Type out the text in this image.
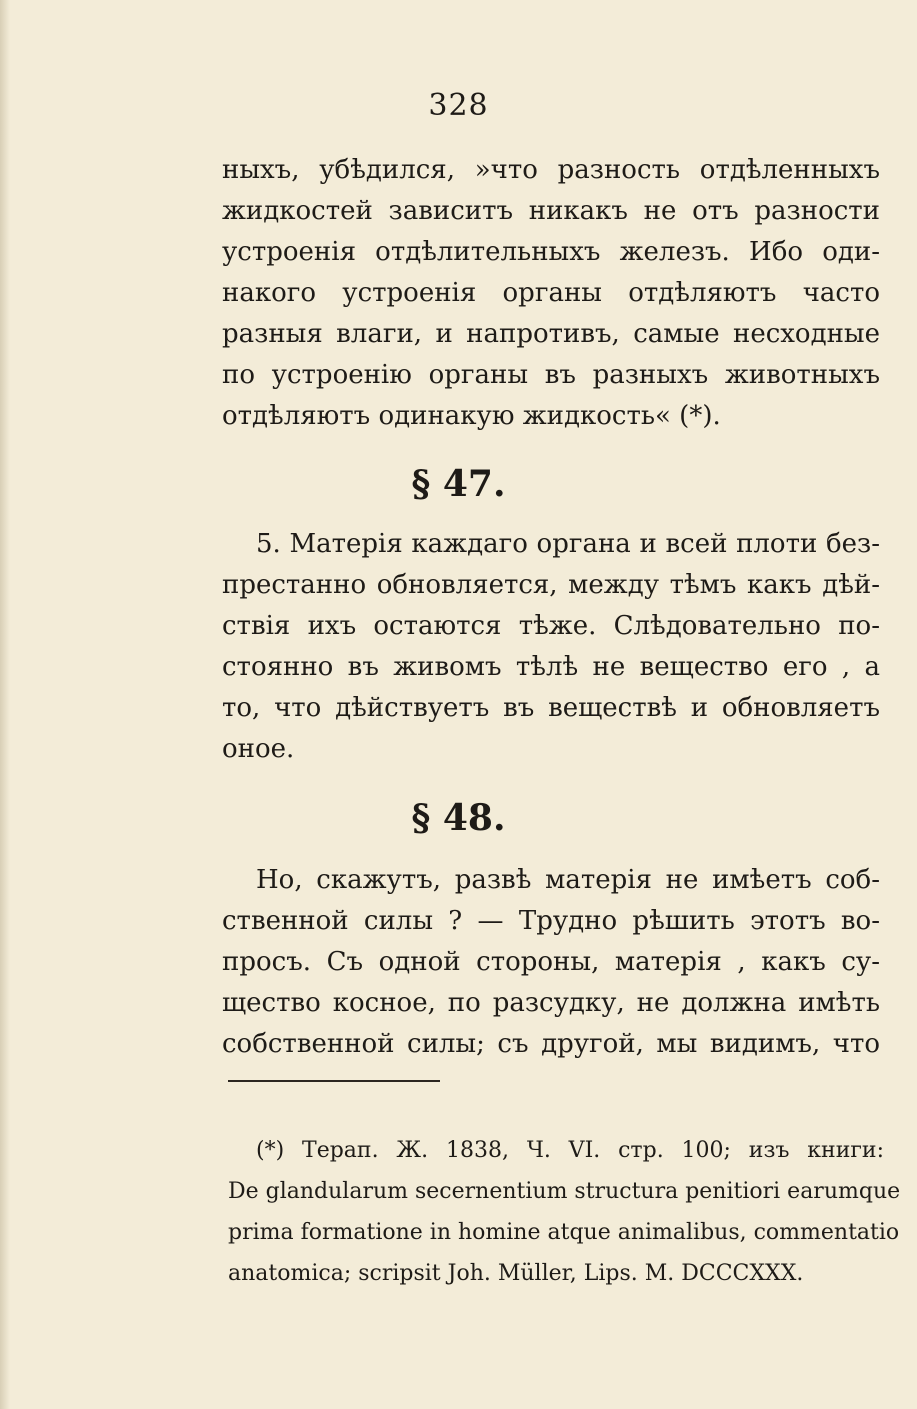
328
ныхъ, убѣдился, »что разность отдѣленныхъ
жидкостей зависитъ никакъ не отъ разности
устроенія отдѣлительныхъ железъ. Ибо оди-
накого устроенія органы отдѣляютъ часто
разныя влаги, и напротивъ, самые несходные
по устроенію органы въ разныхъ животныхъ
отдѣляютъ одинакую жидкость« (*).
§ 47.
5. Матерія каждаго органа и всей плоти без-
престанно обновляется, между тѣмъ какъ дѣй-
ствія ихъ остаются тѣже. Слѣдовательно по-
стоянно въ живомъ тѣлѣ не вещество его , а
то, что дѣйствуетъ въ веществѣ и обновляетъ
оное.
§ 48.
Но, скажутъ, развѣ матерія не имѣетъ соб-
ственной силы ? — Трудно рѣшить этотъ во-
просъ. Съ одной стороны, матерія , какъ су-
щество косное, по разсудку, не должна имѣть
собственной силы; съ другой, мы видимъ, что
(*) Терап. Ж. 1838, Ч. VI. стр. 100; изъ книги:
De glandularum secernentium structura penitiori earumque
prima formatione in homine atque animalibus, commentatio
anatomica; scripsit Joh. Müller, Lips. M. DCCCXXX.
